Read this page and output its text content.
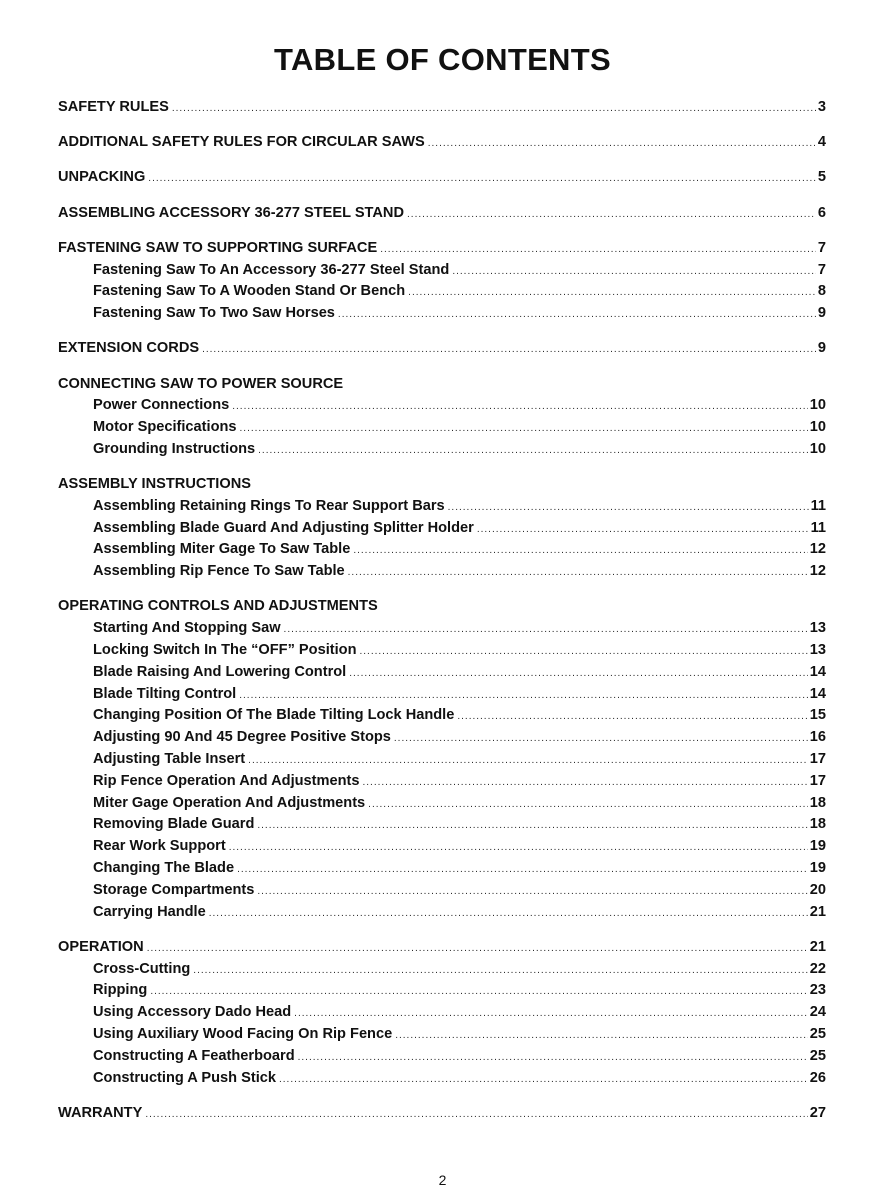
TABLE OF CONTENTS
SAFETY RULES .....	3
ADDITIONAL SAFETY RULES FOR CIRCULAR SAWS .....	4
UNPACKING .....	5
ASSEMBLING ACCESSORY 36-277 STEEL STAND .....	6
FASTENING SAW TO SUPPORTING SURFACE .....	7
Fastening Saw To An Accessory 36-277 Steel Stand .....	7
Fastening Saw To A Wooden Stand Or Bench .....	8
Fastening Saw To Two Saw Horses .....	9
EXTENSION CORDS .....	9
CONNECTING SAW TO POWER SOURCE
Power Connections .....	10
Motor Specifications .....	10
Grounding Instructions .....	10
ASSEMBLY INSTRUCTIONS
Assembling Retaining Rings To Rear Support Bars .....	11
Assembling Blade Guard And Adjusting Splitter Holder .....	11
Assembling Miter Gage To Saw Table .....	12
Assembling Rip Fence To Saw Table .....	12
OPERATING CONTROLS AND ADJUSTMENTS
Starting And Stopping Saw .....	13
Locking Switch In The “OFF” Position .....	13
Blade Raising And Lowering Control .....	14
Blade Tilting Control .....	14
Changing Position Of The Blade Tilting Lock Handle .....	15
Adjusting 90 And 45 Degree Positive Stops .....	16
Adjusting Table Insert .....	17
Rip Fence Operation And Adjustments .....	17
Miter Gage Operation And Adjustments .....	18
Removing Blade Guard .....	18
Rear Work Support .....	19
Changing The Blade .....	19
Storage Compartments .....	20
Carrying Handle .....	21
OPERATION .....	21
Cross-Cutting .....	22
Ripping .....	23
Using Accessory Dado Head .....	24
Using Auxiliary Wood Facing On Rip Fence .....	25
Constructing A Featherboard .....	25
Constructing A Push Stick .....	26
WARRANTY .....	27
2
